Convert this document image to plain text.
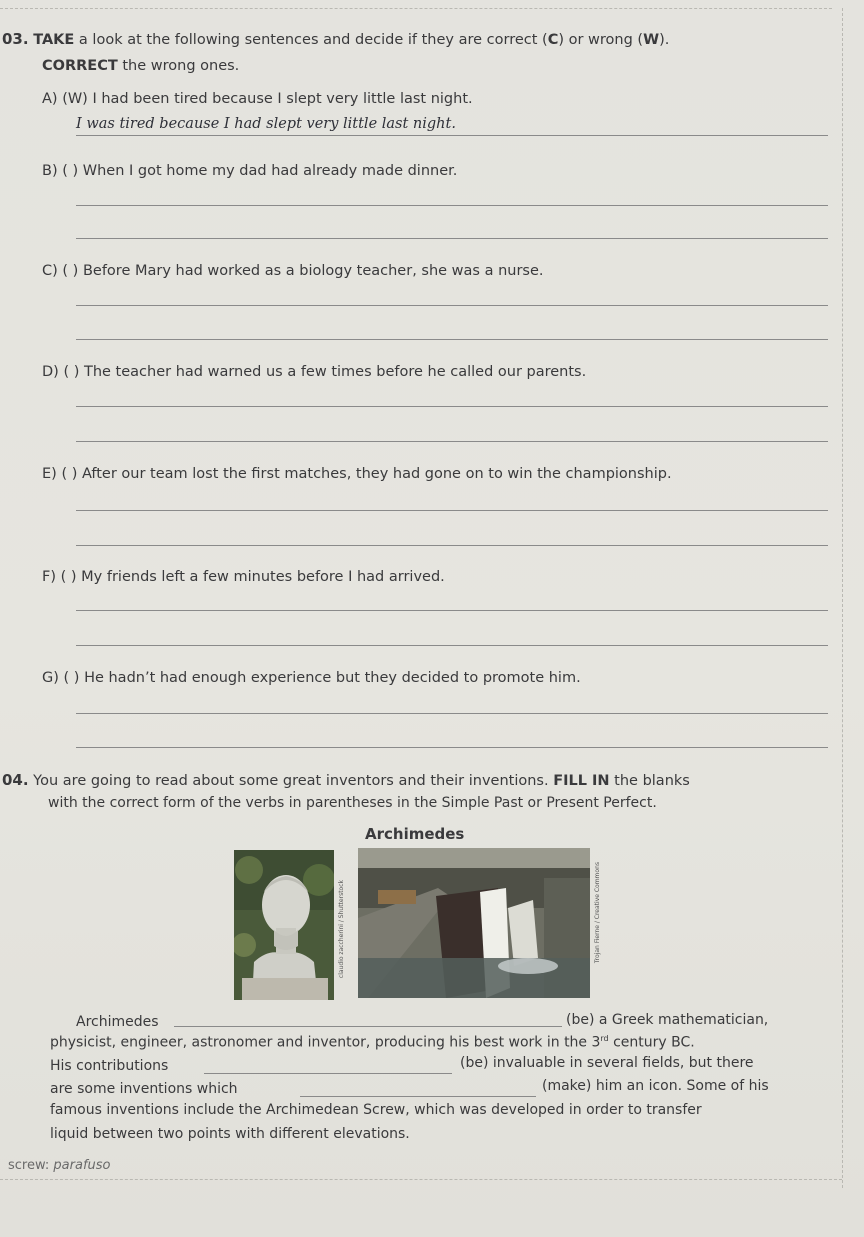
03. TAKE a look at the following sentences and decide if they are correct (C) or wrong (W).
CORRECT the wrong ones.
A) (W) I had been tired because I slept very little last night.
I was tired because I had slept very little last night.
B) ( ) When I got home my dad had already made dinner.
C) ( ) Before Mary had worked as a biology teacher, she was a nurse.
D) ( ) The teacher had warned us a few times before he called our parents.
E) ( ) After our team lost the first matches, they had gone on to win the championship.
F) ( ) My friends left a few minutes before I had arrived.
G) ( ) He hadn’t had enough experience but they decided to promote him.
04. You are going to read about some great inventors and their inventions. FILL IN the blanks
with the correct form of the verbs in parentheses in the Simple Past or Present Perfect.
Archimedes
claudio zaccherini / Shutterstock	Trojan Fierne / Creative Commons
Archimedes	(be) a Greek mathematician,
physicist, engineer, astronomer and inventor, producing his best work in the 3rd century BC.
His contributions	(be) invaluable in several fields, but there
are some inventions which	(make) him an icon. Some of his
famous inventions include the Archimedean Screw, which was developed in order to transfer
liquid between two points with different elevations.
screw: parafuso
